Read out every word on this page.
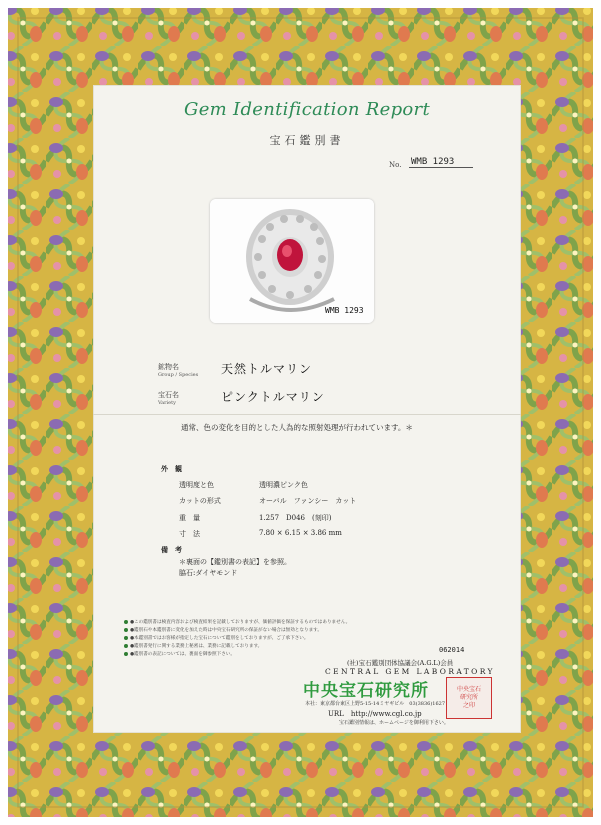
Gem Identification Report
宝石鑑別書
No. WMB 1293
WMB 1293
鉱物名
Group / Species 天然トルマリン
宝石名
Variety	ピンクトルマリン
通常、色の変化を目的とした人為的な照射処理が行われています。＊
外　観
透明度と色	透明濃ピンク色
カットの形式	オーバル　ファンシー　カット
重　量	1.257　D046　(刻印)
寸　法	7.80 × 6.15 × 3.86 mm
備　考
＊裏面の【鑑別書の表記】を参照。
脇石:ダイヤモンド
●この鑑別書は検査内容および検査結果を記載しておりますが、価値評価を保証するものではありません。
●鑑別石や本鑑別書に変化を加えた時は中央宝石研究所の保証がない場合は無効となります。
●本鑑別書ではお客様が指定した宝石について鑑別をしておりますが、ご了承下さい。
●鑑別書発行に関する業務上秘密は、業務に記載しております。
●鑑別書の表記については、裏面を御参照下さい。
062014
(社)宝石鑑別団体協議会(A.G.L)会員
CENTRAL GEM LABORATORY
中央宝石研究所	中央宝石
研究所
之印
本社：東京都台東区上野5-15-14ミヤギビル　03(3836)1627
URL　http://www.cgl.co.jp
宝石鑑別情報は、ホームページを御利用下さい。
